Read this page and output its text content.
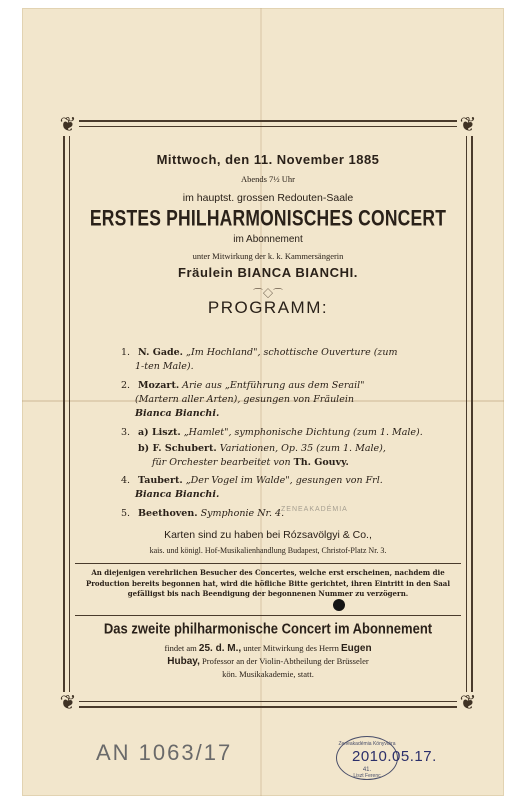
❦	❦
❦	❦
Mittwoch, den 11. November 1885
Abends 7½ Uhr
im hauptst. grossen Redouten-Saale
ERSTES PHILHARMONISCHES CONCERT
im Abonnement
unter Mitwirkung der k. k. Kammersängerin
Fräulein BIANCA BIANCHI.
⌒◇⌒
PROGRAMM:
1. N. Gade. „Im Hochland", schottische Ouverture (zum
1-ten Male).
2. Mozart. Arie aus „Entführung aus dem Serail"
(Martern aller Arten), gesungen von Fräulein
Bianca Bianchi.
3. a) Liszt. „Hamlet", symphonische Dichtung (zum 1. Male).
b) F. Schubert. Variationen, Op. 35 (zum 1. Male),
für Orchester bearbeitet von Th. Gouvy.
4. Taubert. „Der Vogel im Walde", gesungen von Frl.
Bianca Bianchi.
5. Beethoven. Symphonie Nr. 4.
ZENEAKADÉMIA
Karten sind zu haben bei Rózsavölgyi & Co.,
kais. und königl. Hof-Musikalienhandlung Budapest, Christof-Platz Nr. 3.
An diejenigen verehrlichen Besucher des Concertes, welche erst erscheinen, nachdem die Production bereits begonnen hat, wird die höfliche Bitte gerichtet, ihren Eintritt in den Saal gefälligst bis nach Beendigung der begonnenen Nummer zu verzögern.
Das zweite philharmonische Concert im Abonnement
findet am 25. d. M., unter Mitwirkung des Herrn Eugen
Hubay, Professor an der Violin-Abtheilung der Brüsseler
kön. Musikakademie, statt.
AN 1063/17	Zeneakadémia Könyvtára
41.
Liszt Ferenc
2010.05.17.
